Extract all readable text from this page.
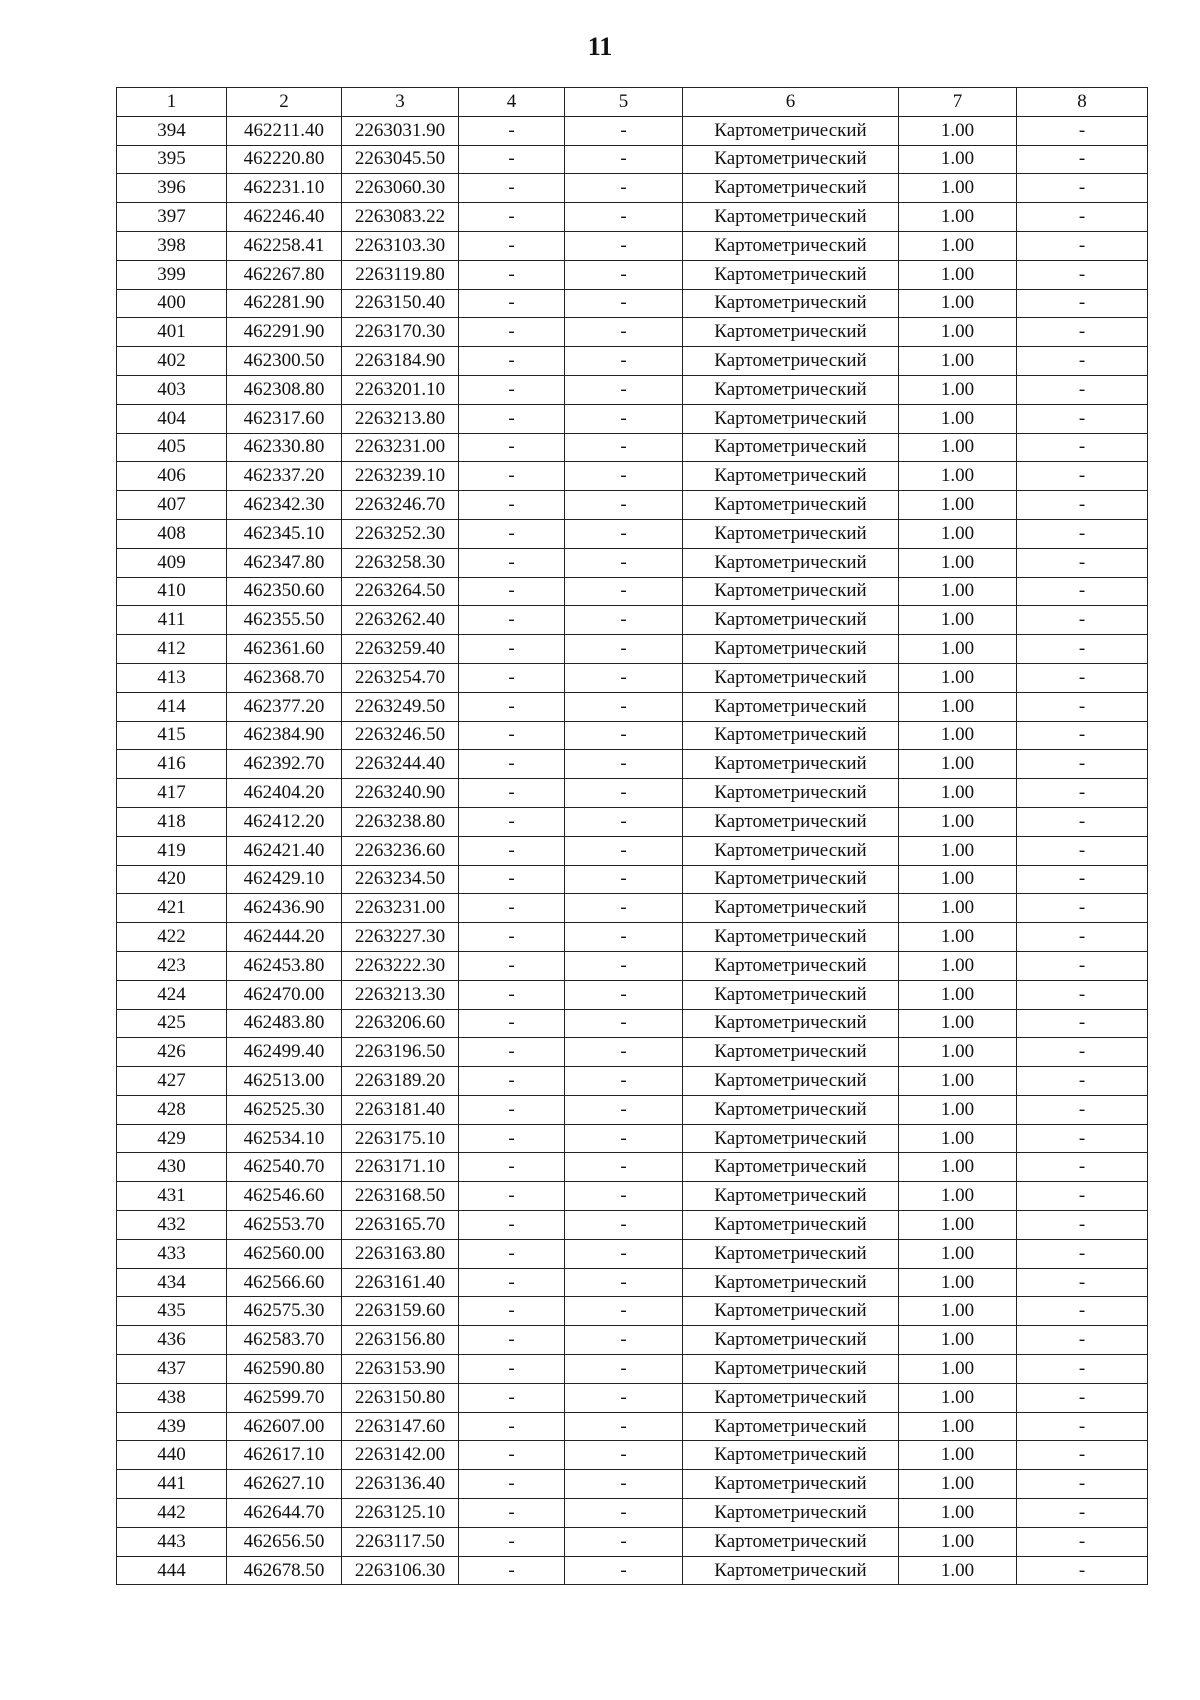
11
1	2	3	4	5	6	7	8
394	462211.40	2263031.90	-	-	Картометрический	1.00	-
395	462220.80	2263045.50	-	-	Картометрический	1.00	-
396	462231.10	2263060.30	-	-	Картометрический	1.00	-
397	462246.40	2263083.22	-	-	Картометрический	1.00	-
398	462258.41	2263103.30	-	-	Картометрический	1.00	-
399	462267.80	2263119.80	-	-	Картометрический	1.00	-
400	462281.90	2263150.40	-	-	Картометрический	1.00	-
401	462291.90	2263170.30	-	-	Картометрический	1.00	-
402	462300.50	2263184.90	-	-	Картометрический	1.00	-
403	462308.80	2263201.10	-	-	Картометрический	1.00	-
404	462317.60	2263213.80	-	-	Картометрический	1.00	-
405	462330.80	2263231.00	-	-	Картометрический	1.00	-
406	462337.20	2263239.10	-	-	Картометрический	1.00	-
407	462342.30	2263246.70	-	-	Картометрический	1.00	-
408	462345.10	2263252.30	-	-	Картометрический	1.00	-
409	462347.80	2263258.30	-	-	Картометрический	1.00	-
410	462350.60	2263264.50	-	-	Картометрический	1.00	-
411	462355.50	2263262.40	-	-	Картометрический	1.00	-
412	462361.60	2263259.40	-	-	Картометрический	1.00	-
413	462368.70	2263254.70	-	-	Картометрический	1.00	-
414	462377.20	2263249.50	-	-	Картометрический	1.00	-
415	462384.90	2263246.50	-	-	Картометрический	1.00	-
416	462392.70	2263244.40	-	-	Картометрический	1.00	-
417	462404.20	2263240.90	-	-	Картометрический	1.00	-
418	462412.20	2263238.80	-	-	Картометрический	1.00	-
419	462421.40	2263236.60	-	-	Картометрический	1.00	-
420	462429.10	2263234.50	-	-	Картометрический	1.00	-
421	462436.90	2263231.00	-	-	Картометрический	1.00	-
422	462444.20	2263227.30	-	-	Картометрический	1.00	-
423	462453.80	2263222.30	-	-	Картометрический	1.00	-
424	462470.00	2263213.30	-	-	Картометрический	1.00	-
425	462483.80	2263206.60	-	-	Картометрический	1.00	-
426	462499.40	2263196.50	-	-	Картометрический	1.00	-
427	462513.00	2263189.20	-	-	Картометрический	1.00	-
428	462525.30	2263181.40	-	-	Картометрический	1.00	-
429	462534.10	2263175.10	-	-	Картометрический	1.00	-
430	462540.70	2263171.10	-	-	Картометрический	1.00	-
431	462546.60	2263168.50	-	-	Картометрический	1.00	-
432	462553.70	2263165.70	-	-	Картометрический	1.00	-
433	462560.00	2263163.80	-	-	Картометрический	1.00	-
434	462566.60	2263161.40	-	-	Картометрический	1.00	-
435	462575.30	2263159.60	-	-	Картометрический	1.00	-
436	462583.70	2263156.80	-	-	Картометрический	1.00	-
437	462590.80	2263153.90	-	-	Картометрический	1.00	-
438	462599.70	2263150.80	-	-	Картометрический	1.00	-
439	462607.00	2263147.60	-	-	Картометрический	1.00	-
440	462617.10	2263142.00	-	-	Картометрический	1.00	-
441	462627.10	2263136.40	-	-	Картометрический	1.00	-
442	462644.70	2263125.10	-	-	Картометрический	1.00	-
443	462656.50	2263117.50	-	-	Картометрический	1.00	-
444	462678.50	2263106.30	-	-	Картометрический	1.00	-
